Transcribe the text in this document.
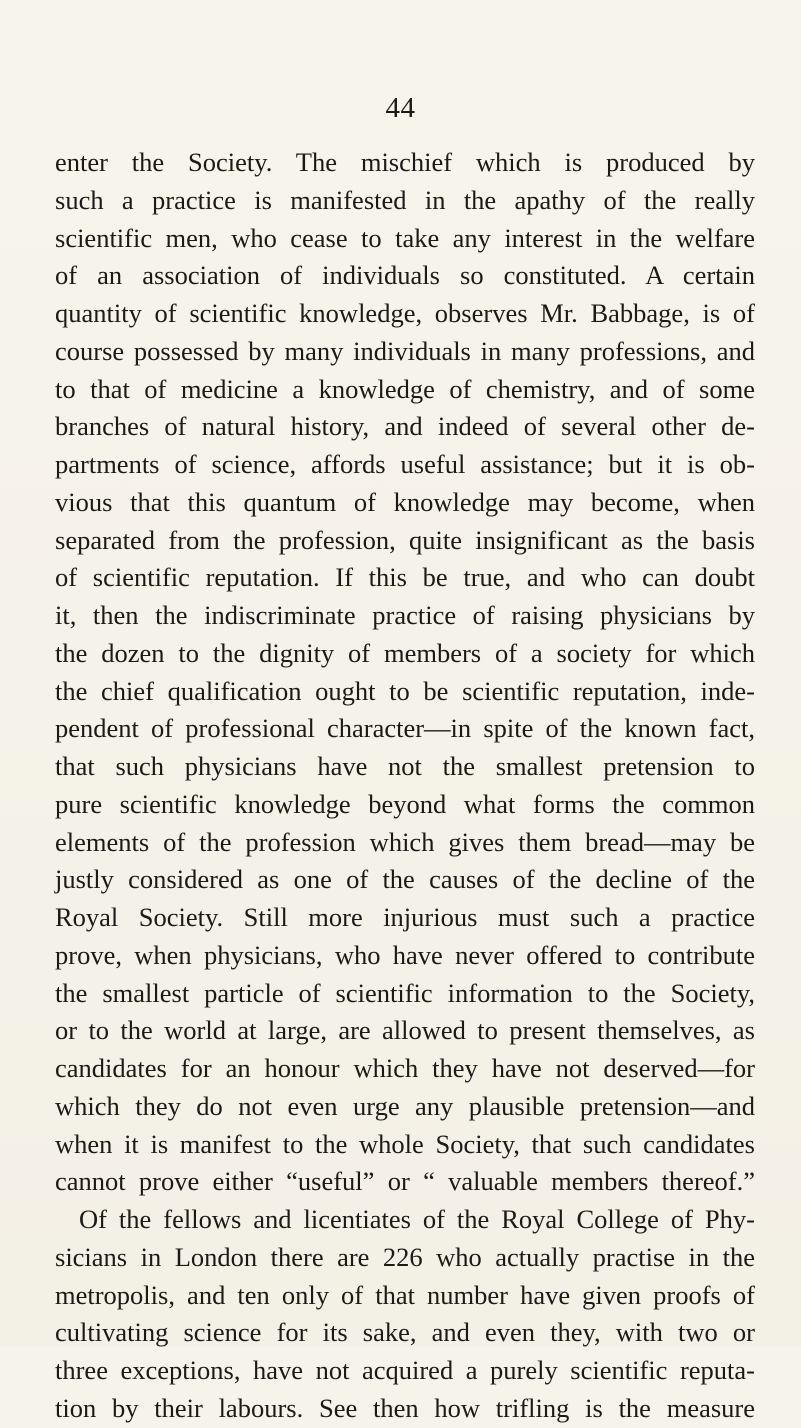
44
enter the Society. The mischief which is produced by
such a practice is manifested in the apathy of the really
scientific men, who cease to take any interest in the welfare
of an association of individuals so constituted. A certain
quantity of scientific knowledge, observes Mr. Babbage, is of
course possessed by many individuals in many professions, and
to that of medicine a knowledge of chemistry, and of some
branches of natural history, and indeed of several other de-
partments of science, affords useful assistance; but it is ob-
vious that this quantum of knowledge may become, when
separated from the profession, quite insignificant as the basis
of scientific reputation. If this be true, and who can doubt
it, then the indiscriminate practice of raising physicians by
the dozen to the dignity of members of a society for which
the chief qualification ought to be scientific reputation, inde-
pendent of professional character—in spite of the known fact,
that such physicians have not the smallest pretension to
pure scientific knowledge beyond what forms the common
elements of the profession which gives them bread—may be
justly considered as one of the causes of the decline of the
Royal Society. Still more injurious must such a practice
prove, when physicians, who have never offered to contribute
the smallest particle of scientific information to the Society,
or to the world at large, are allowed to present themselves, as
candidates for an honour which they have not deserved—for
which they do not even urge any plausible pretension—and
when it is manifest to the whole Society, that such candidates
cannot prove either “useful” or “ valuable members thereof.”
Of the fellows and licentiates of the Royal College of Phy-
sicians in London there are 226 who actually practise in the
metropolis, and ten only of that number have given proofs of
cultivating science for its sake, and even they, with two or
three exceptions, have not acquired a purely scientific reputa-
tion by their labours. See then how trifling is the measure
